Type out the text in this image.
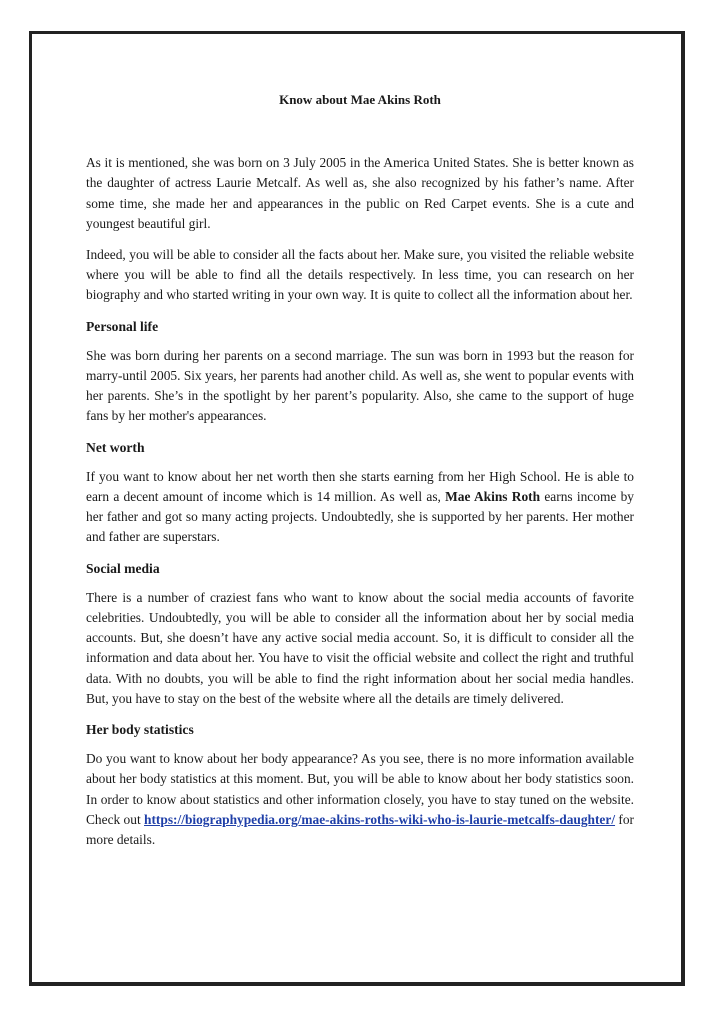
Know about Mae Akins Roth

As it is mentioned, she was born on 3 July 2005 in the America United States. She is better known as the daughter of actress Laurie Metcalf. As well as, she also recognized by his father’s name. After some time, she made her and appearances in the public on Red Carpet events. She is a cute and youngest beautiful girl.

Indeed, you will be able to consider all the facts about her. Make sure, you visited the reliable website where you will be able to find all the details respectively. In less time, you can research on her biography and who started writing in your own way. It is quite to collect all the information about her.

Personal life

She was born during her parents on a second marriage. The sun was born in 1993 but the reason for marry-until 2005. Six years, her parents had another child. As well as, she went to popular events with her parents. She’s in the spotlight by her parent’s popularity. Also, she came to the support of huge fans by her mother's appearances.

Net worth

If you want to know about her net worth then she starts earning from her High School. He is able to earn a decent amount of income which is 14 million. As well as, Mae Akins Roth earns income by her father and got so many acting projects. Undoubtedly, she is supported by her parents. Her mother and father are superstars.

Social media

There is a number of craziest fans who want to know about the social media accounts of favorite celebrities. Undoubtedly, you will be able to consider all the information about her by social media accounts. But, she doesn’t have any active social media account. So, it is difficult to consider all the information and data about her. You have to visit the official website and collect the right and truthful data. With no doubts, you will be able to find the right information about her social media handles. But, you have to stay on the best of the website where all the details are timely delivered.

Her body statistics

Do you want to know about her body appearance? As you see, there is no more information available about her body statistics at this moment. But, you will be able to know about her body statistics soon. In order to know about statistics and other information closely, you have to stay tuned on the website. Check out https://biographypedia.org/mae-akins-roths-wiki-who-is-laurie-metcalfs-daughter/ for more details.
